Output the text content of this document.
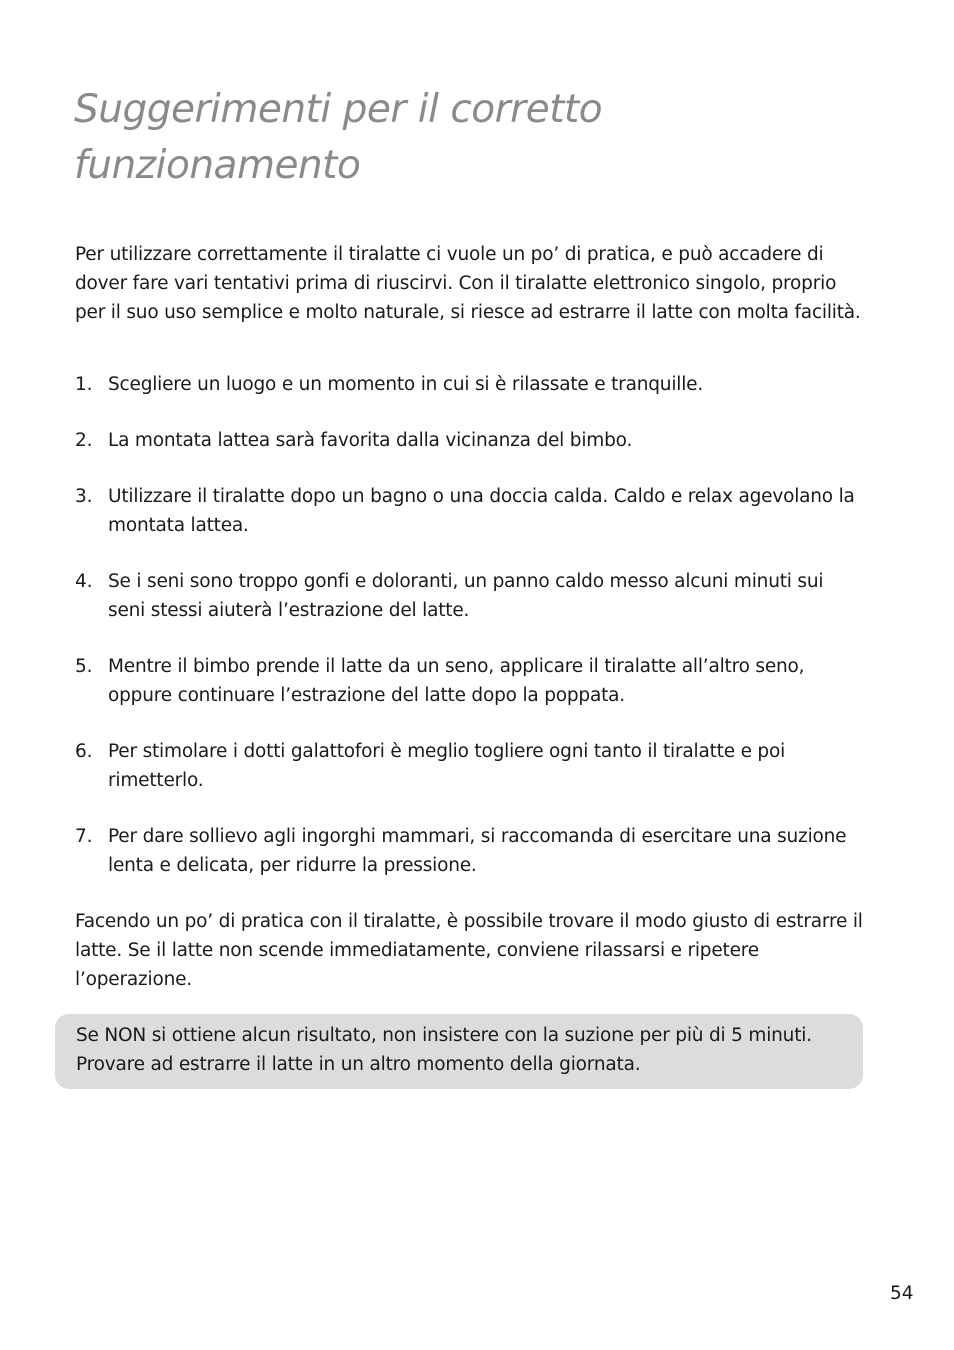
Suggerimenti per il corretto funzionamento

Per utilizzare correttamente il tiralatte ci vuole un po’ di pratica, e può accadere di dover fare vari tentativi prima di riuscirvi. Con il tiralatte elettronico singolo, proprio per il suo uso semplice e molto naturale, si riesce ad estrarre il latte con molta facilità.

1. Scegliere un luogo e un momento in cui si è rilassate e tranquille.
2. La montata lattea sarà favorita dalla vicinanza del bimbo.
3. Utilizzare il tiralatte dopo un bagno o una doccia calda. Caldo e relax agevolano la montata lattea.
4. Se i seni sono troppo gonfi e doloranti, un panno caldo messo alcuni minuti sui seni stessi aiuterà l’estrazione del latte.
5. Mentre il bimbo prende il latte da un seno, applicare il tiralatte all’altro seno, oppure continuare l’estrazione del latte dopo la poppata.
6. Per stimolare i dotti galattofori è meglio togliere ogni tanto il tiralatte e poi rimetterlo.
7. Per dare sollievo agli ingorghi mammari, si raccomanda di esercitare una suzione lenta e delicata, per ridurre la pressione.

Facendo un po’ di pratica con il tiralatte, è possibile trovare il modo giusto di estrarre il latte. Se il latte non scende immediatamente, conviene rilassarsi e ripetere l’operazione.

Se NON si ottiene alcun risultato, non insistere con la suzione per più di 5 minuti. Provare ad estrarre il latte in un altro momento della giornata.

54
